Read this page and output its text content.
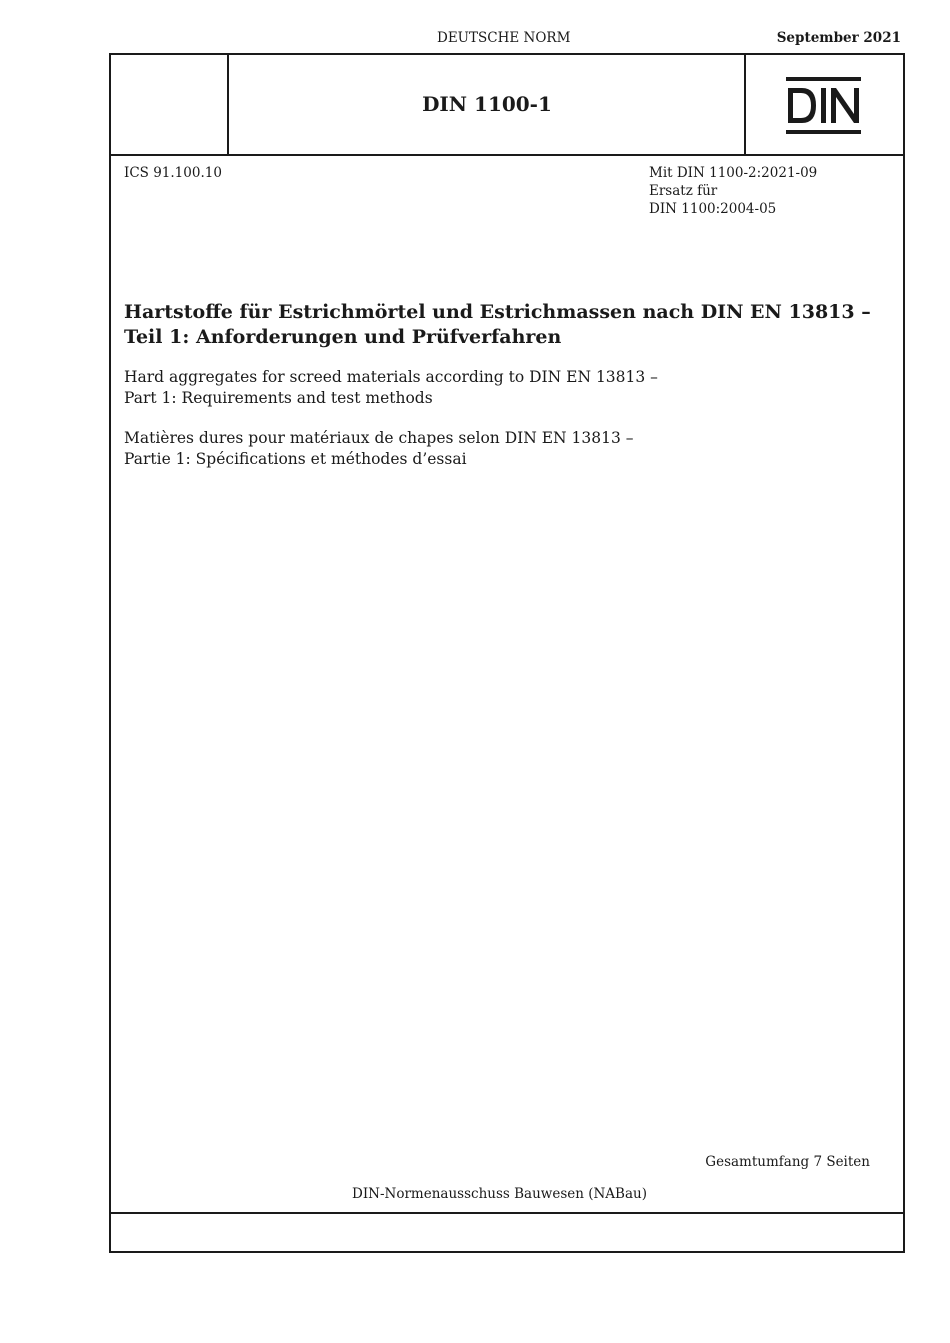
DEUTSCHE NORM	September 2021
DIN 1100-1
ICS 91.100.10	Mit DIN 1100-2:2021-09
Ersatz für
DIN 1100:2004-05
Hartstoffe für Estrichmörtel und Estrichmassen nach DIN EN 13813 –
Teil 1: Anforderungen und Prüfverfahren
Hard aggregates for screed materials according to DIN EN 13813 –
Part 1: Requirements and test methods
Matières dures pour matériaux de chapes selon DIN EN 13813 –
Partie 1: Spécifications et méthodes d’essai
Gesamtumfang 7 Seiten
DIN-Normenausschuss Bauwesen (NABau)
